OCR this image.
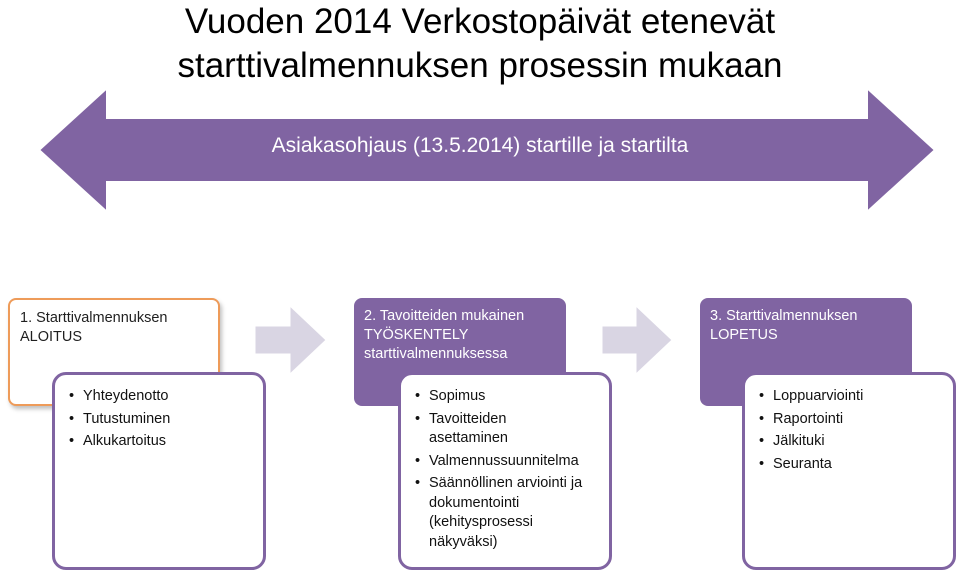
Vuoden 2014 Verkostopäivät etenevät
starttivalmennuksen prosessin mukaan
Asiakasohjaus (13.5.2014) startille ja startilta
1. Starttivalmennuksen
ALOITUS
• Yhteydenotto
• Tutustuminen
• Alkukartoitus
2. Tavoitteiden mukainen
TYÖSKENTELY
starttivalmennuksessa
• Sopimus
• Tavoitteiden asettaminen
• Valmennussuunnitelma
• Säännöllinen arviointi ja dokumentointi (kehitysprosessi näkyväksi)
3. Starttivalmennuksen
LOPETUS
• Loppuarviointi
• Raportointi
• Jälkituki
• Seuranta
